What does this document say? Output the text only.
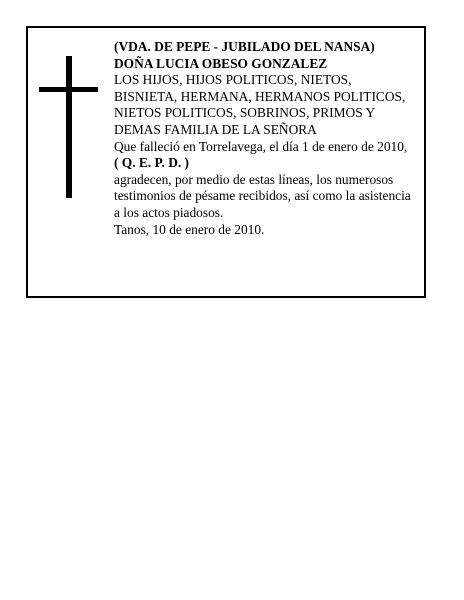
(VDA. DE PEPE - JUBILADO DEL NANSA)

DOÑA LUCIA OBESO GONZALEZ

LOS HIJOS, HIJOS POLITICOS, NIETOS,

BISNIETA, HERMANA, HERMANOS POLITICOS,

NIETOS POLITICOS, SOBRINOS, PRIMOS Y

DEMAS FAMILIA DE LA SEÑORA

Que falleció en Torrelavega, el día 1 de enero de 2010,

( Q. E. P. D. )

agradecen, por medio de estas líneas, los numerosos

testimonios de pésame recibidos, así como la asistencia

a los actos piadosos.

Tanos, 10 de enero de 2010.
